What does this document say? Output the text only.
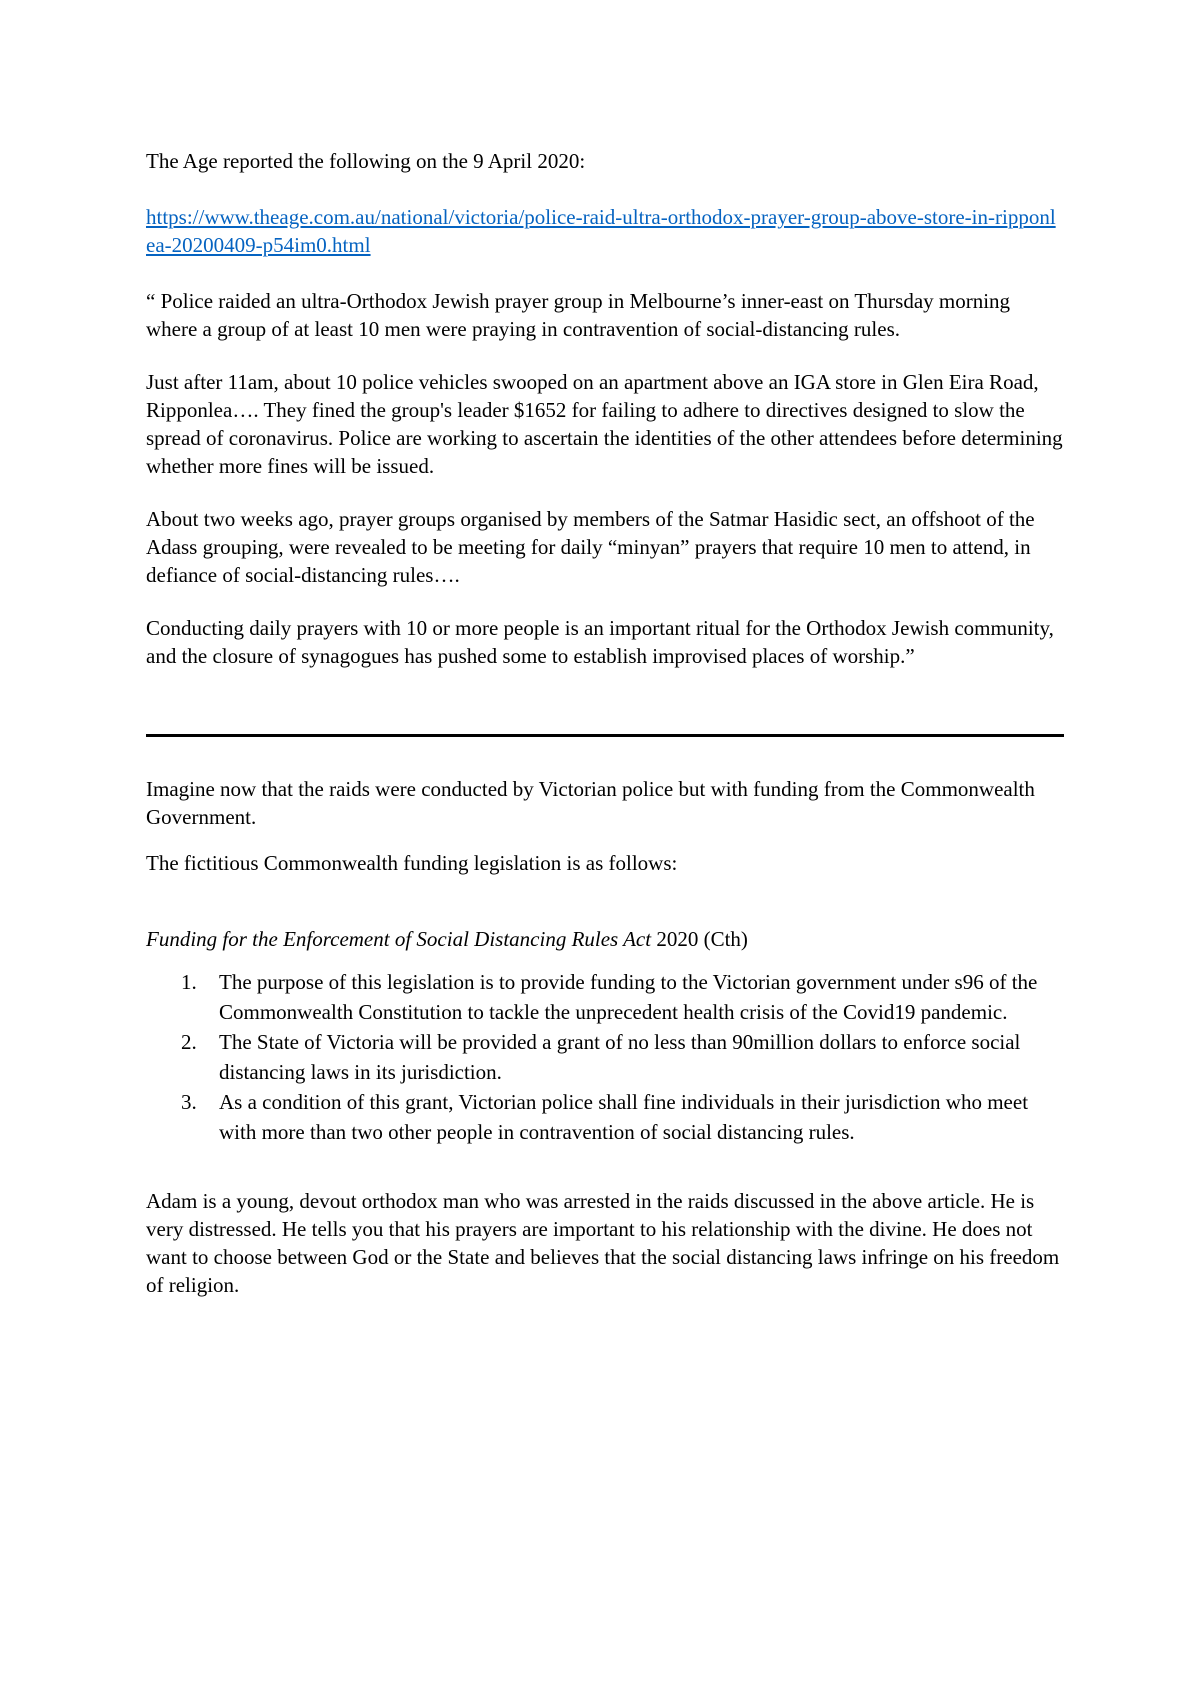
The Age reported the following on the 9 April 2020:

https://www.theage.com.au/national/victoria/police-raid-ultra-orthodox-prayer-group-above-store-in-ripponlea-20200409-p54im0.html

“ Police raided an ultra-Orthodox Jewish prayer group in Melbourne’s inner-east on Thursday morning where a group of at least 10 men were praying in contravention of social-distancing rules.

Just after 11am, about 10 police vehicles swooped on an apartment above an IGA store in Glen Eira Road, Ripponlea…. They fined the group's leader $1652 for failing to adhere to directives designed to slow the spread of coronavirus. Police are working to ascertain the identities of the other attendees before determining whether more fines will be issued.

About two weeks ago, prayer groups organised by members of the Satmar Hasidic sect, an offshoot of the Adass grouping, were revealed to be meeting for daily “minyan” prayers that require 10 men to attend, in defiance of social-distancing rules….

Conducting daily prayers with 10 or more people is an important ritual for the Orthodox Jewish community, and the closure of synagogues has pushed some to establish improvised places of worship.”

Imagine now that the raids were conducted by Victorian police but with funding from the Commonwealth Government.

The fictitious Commonwealth funding legislation is as follows:

Funding for the Enforcement of Social Distancing Rules Act 2020 (Cth)

1. The purpose of this legislation is to provide funding to the Victorian government under s96 of the Commonwealth Constitution to tackle the unprecedent health crisis of the Covid19 pandemic.
2. The State of Victoria will be provided a grant of no less than 90million dollars to enforce social distancing laws in its jurisdiction.
3. As a condition of this grant, Victorian police shall fine individuals in their jurisdiction who meet with more than two other people in contravention of social distancing rules.

Adam is a young, devout orthodox man who was arrested in the raids discussed in the above article. He is very distressed. He tells you that his prayers are important to his relationship with the divine. He does not want to choose between God or the State and believes that the social distancing laws infringe on his freedom of religion.
